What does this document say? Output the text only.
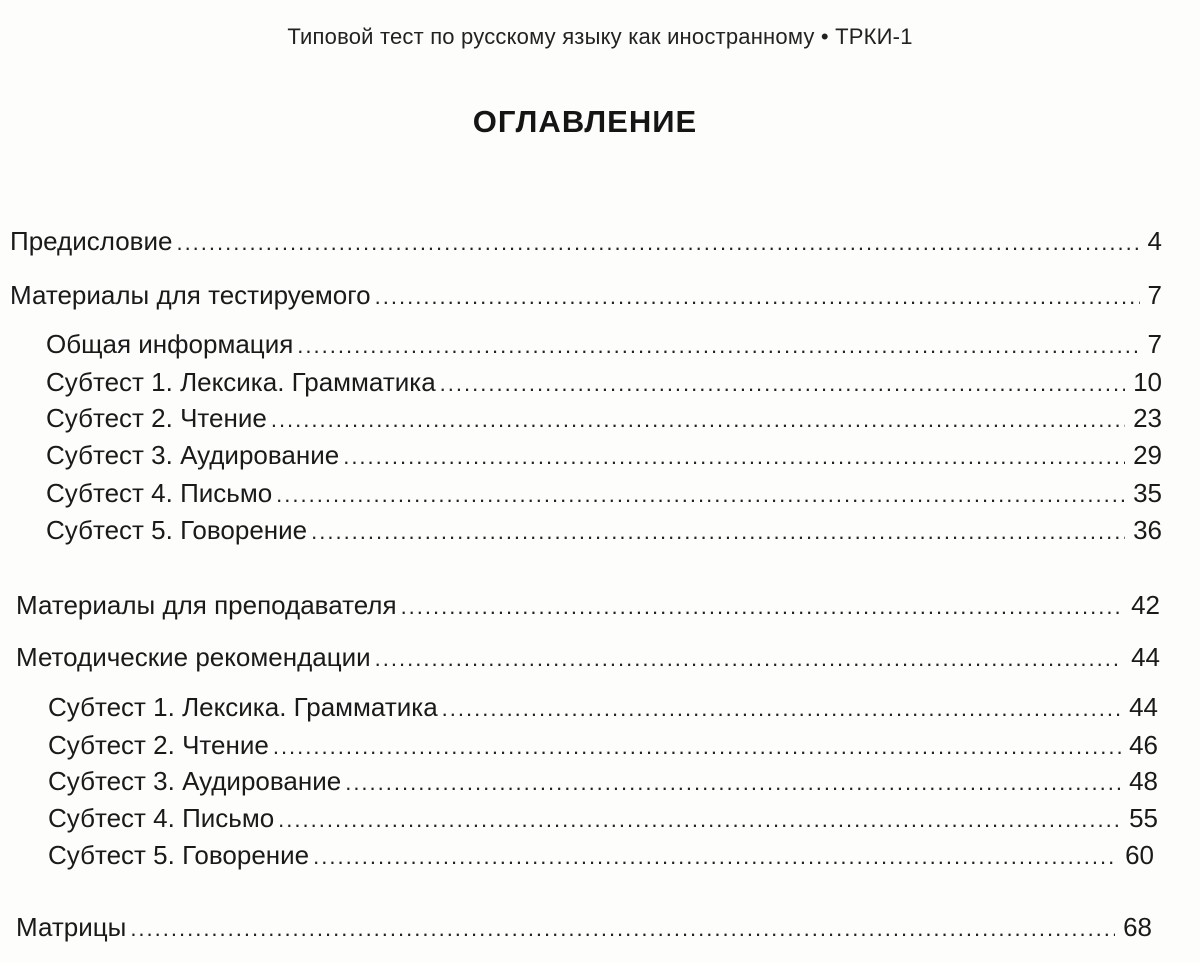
Типовой тест по русскому языку как иностранному • ТРКИ-1
ОГЛАВЛЕНИЕ
Предисловие .....	4
Материалы для тестируемого .....	7
Общая информация .....	7
Субтест 1. Лексика. Грамматика .....	10
Субтест 2. Чтение .....	23
Субтест 3. Аудирование .....	29
Субтест 4. Письмо .....	35
Субтест 5. Говорение .....	36
Материалы для преподавателя .....	42
Методические рекомендации .....	44
Субтест 1. Лексика. Грамматика .....	44
Субтест 2. Чтение .....	46
Субтест 3. Аудирование .....	48
Субтест 4. Письмо .....	55
Субтест 5. Говорение .....	60
Матрицы .....	68
